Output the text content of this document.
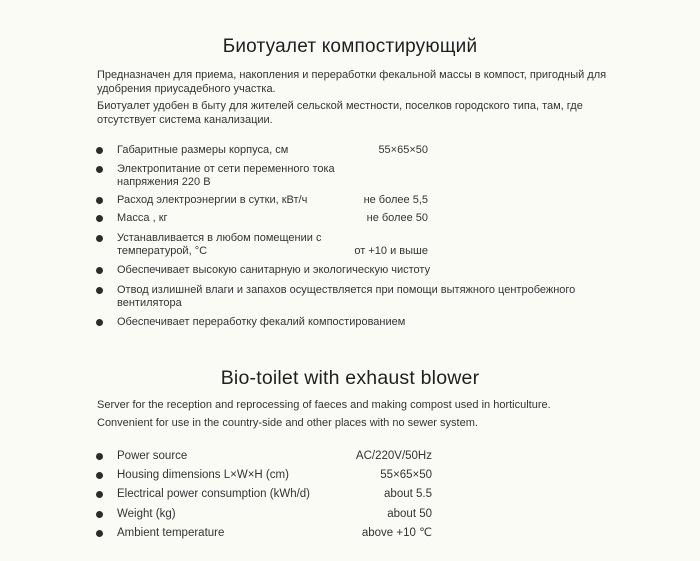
Биотуалет компостирующий
Предназначен для приема, накопления и переработки фекальной массы в компост, пригодный для удобрения приусадебного участка.
Биотуалет удобен в быту для жителей сельской местности, поселков городского типа, там, где отсутствует система канализации.
Габаритные размеры корпуса, см	55×65×50
Электропитание от сети переменного тока напряжения 220 В
Расход электроэнергии в сутки, кВт/ч	не более 5,5
Масса , кг	не более 50
Устанавливается в любом помещении с температурой, °С	от +10 и выше
Обеспечивает высокую санитарную и экологическую чистоту
Отвод излишней влаги и запахов осуществляется при помощи вытяжного центробежного вентилятора
Обеспечивает переработку фекалий компостированием
Bio-toilet with exhaust blower
Server for the reception and reprocessing of faeces and making compost used in horticulture.
Convenient for use in the country-side and other places with no sewer system.
Power source	AC/220V/50Hz
Housing dimensions L×W×H (cm)	55×65×50
Electrical power consumption (kWh/d)	about 5.5
Weight (kg)	about 50
Ambient temperature	above +10 ℃
